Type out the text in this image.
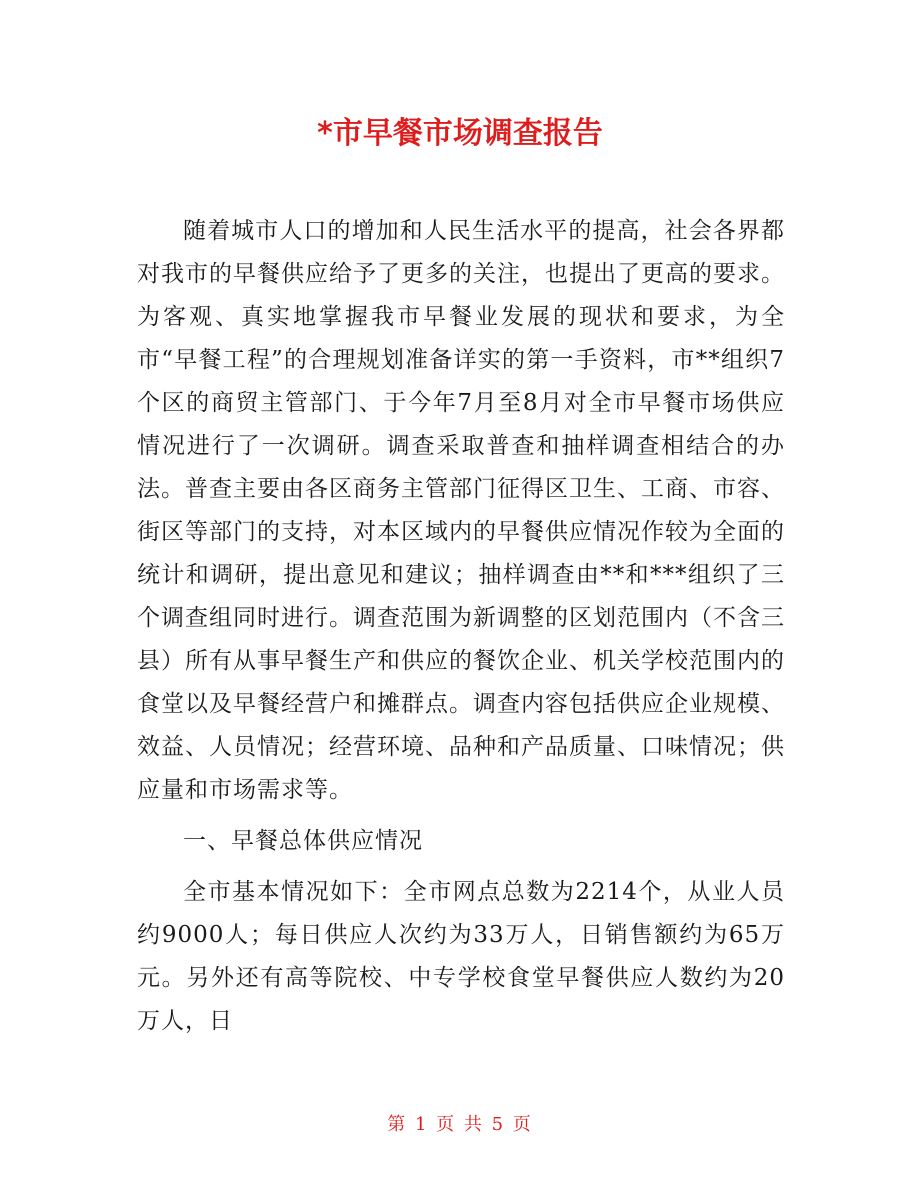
*市早餐市场调查报告

随着城市人口的增加和人民生活水平的提高，社会各界都对我市的早餐供应给予了更多的关注，也提出了更高的要求。为客观、真实地掌握我市早餐业发展的现状和要求，为全市“早餐工程”的合理规划准备详实的第一手资料，市**组织7个区的商贸主管部门、于今年7月至8月对全市早餐市场供应情况进行了一次调研。调查采取普查和抽样调查相结合的办法。普查主要由各区商务主管部门征得区卫生、工商、市容、街区等部门的支持，对本区域内的早餐供应情况作较为全面的统计和调研，提出意见和建议；抽样调查由**和***组织了三个调查组同时进行。调查范围为新调整的区划范围内（不含三县）所有从事早餐生产和供应的餐饮企业、机关学校范围内的食堂以及早餐经营户和摊群点。调查内容包括供应企业规模、效益、人员情况；经营环境、品种和产品质量、口味情况；供应量和市场需求等。

一、早餐总体供应情况

全市基本情况如下：全市网点总数为2214个，从业人员约9000人；每日供应人次约为33万人，日销售额约为65万元。另外还有高等院校、中专学校食堂早餐供应人数约为20万人，日

第 1 页 共 5 页
